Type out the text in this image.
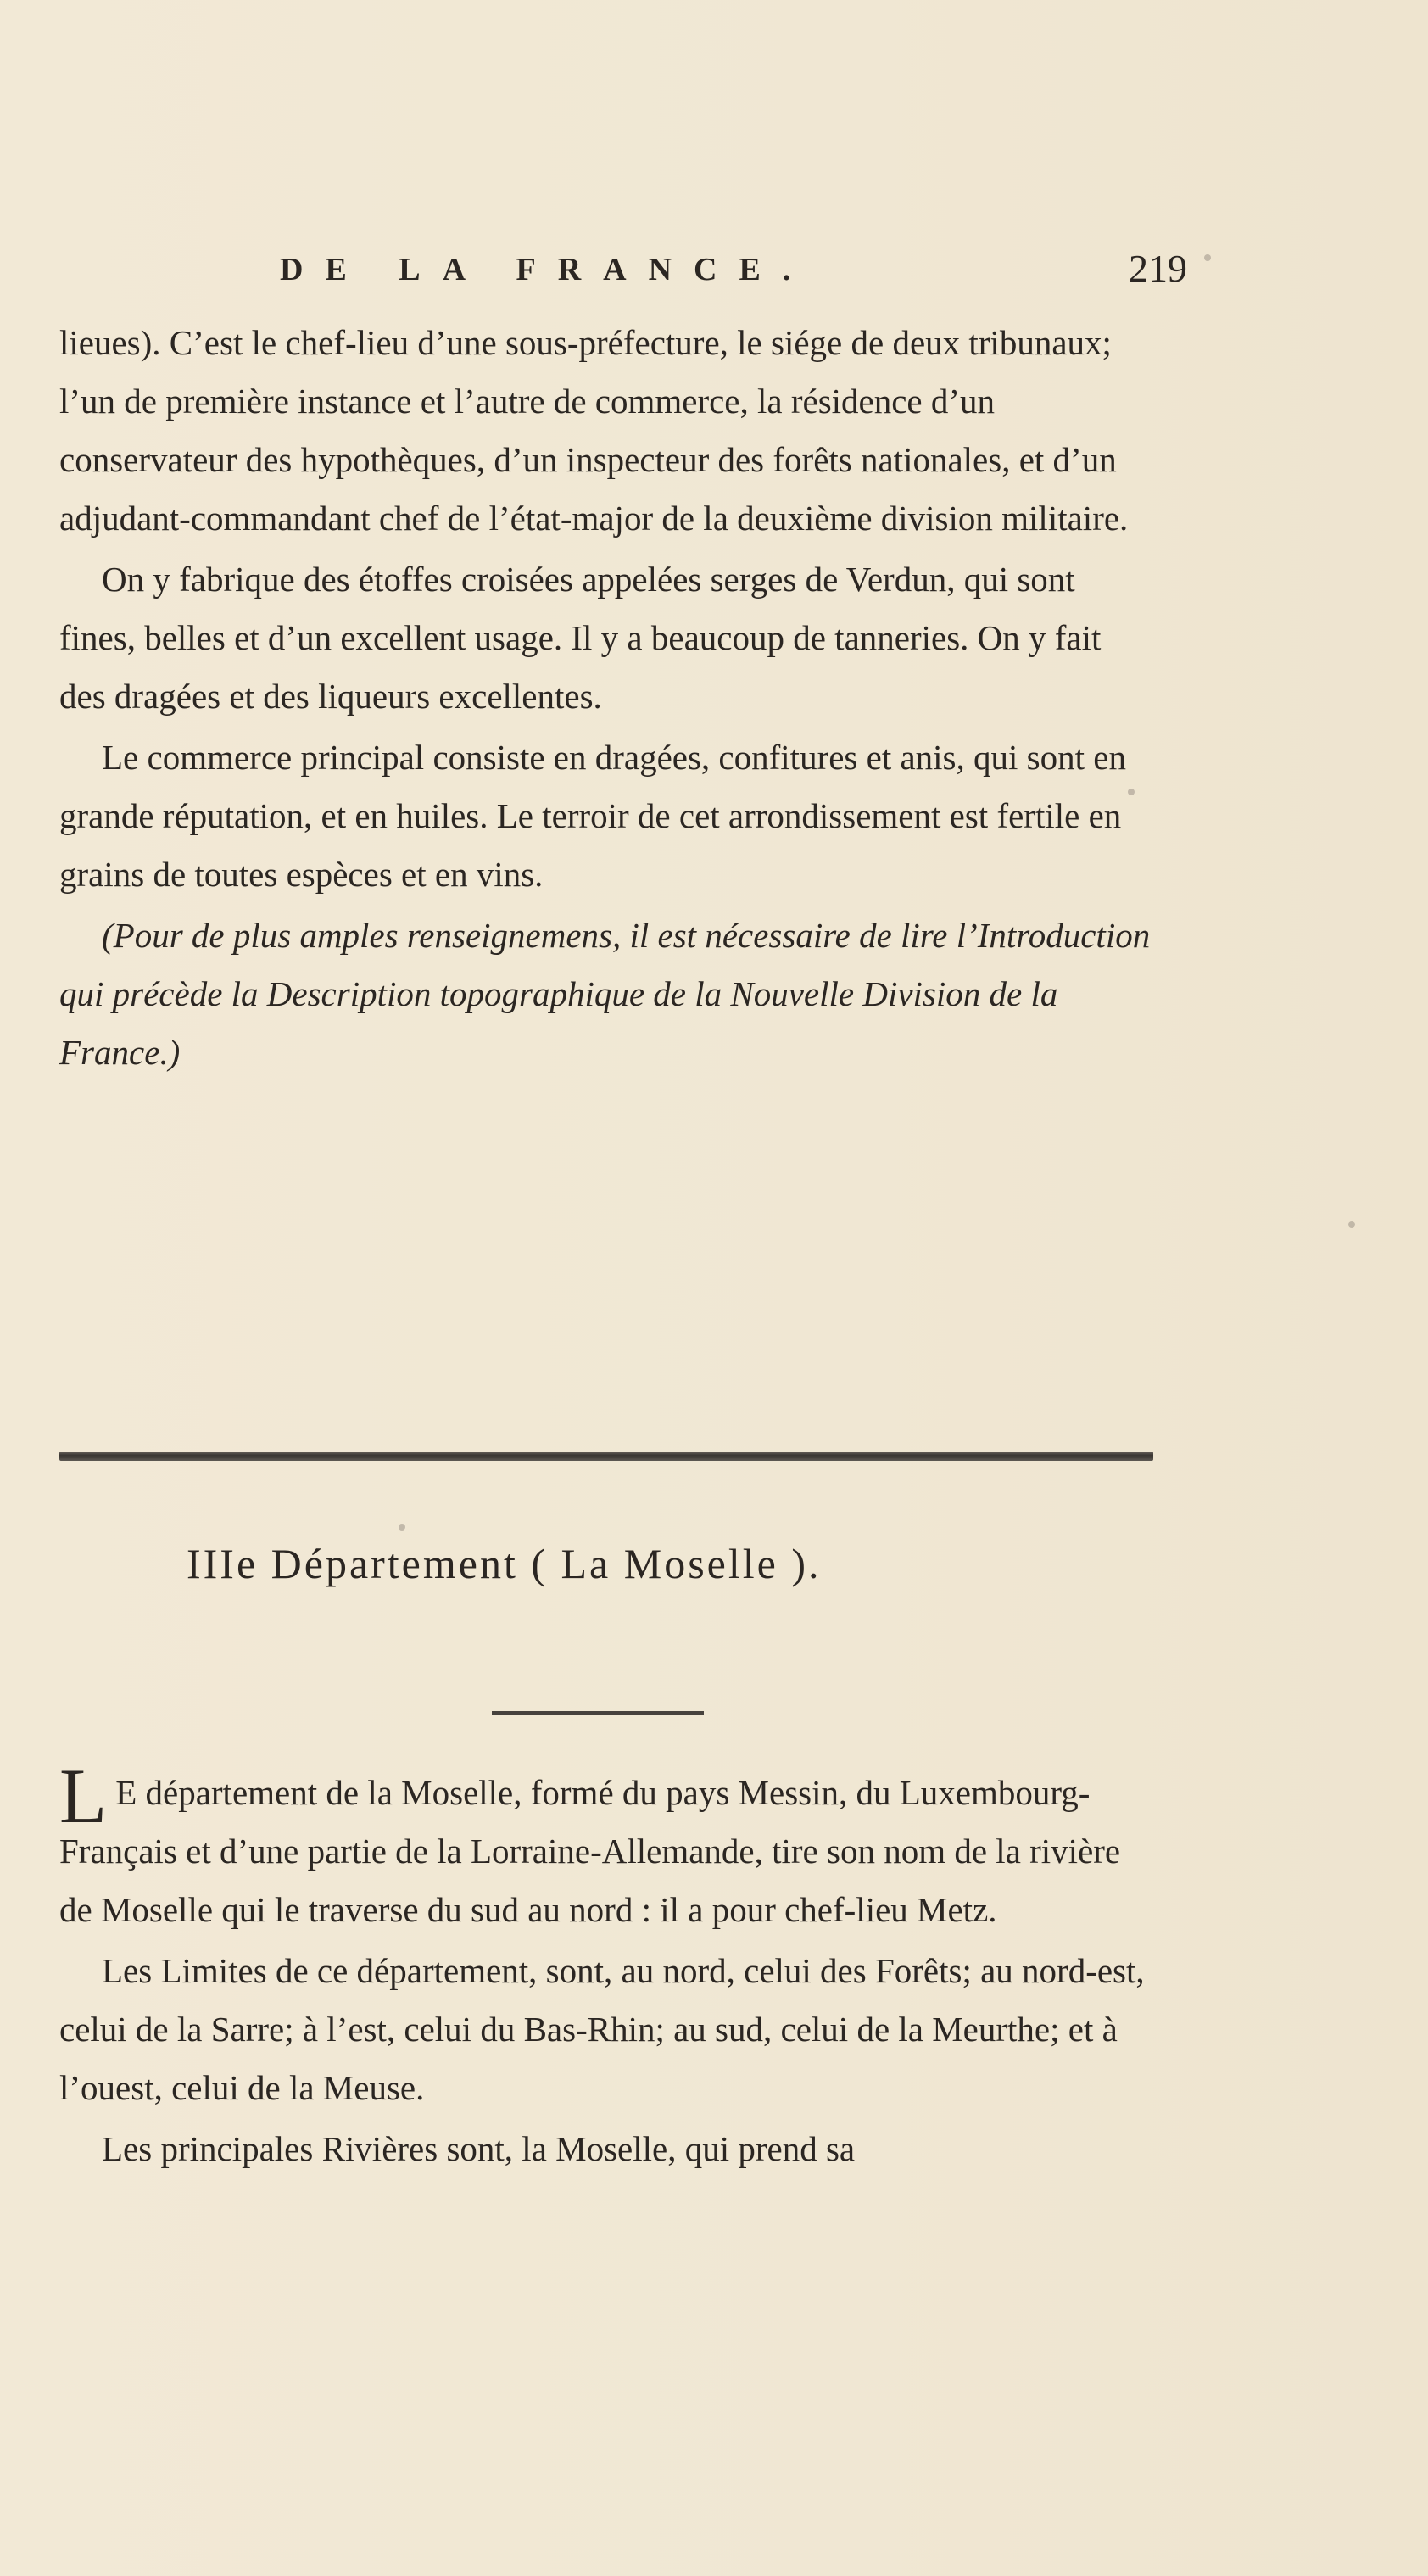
DE LA FRANCE.	219

lieues). C’est le chef-lieu d’une sous-préfecture, le siége de deux tribunaux; l’un de première instance et l’autre de commerce, la résidence d’un conservateur des hypothèques, d’un inspecteur des forêts nationales, et d’un adjudant-commandant chef de l’état-major de la deuxième division militaire.

On y fabrique des étoffes croisées appelées serges de Verdun, qui sont fines, belles et d’un excellent usage. Il y a beaucoup de tanneries. On y fait des dragées et des liqueurs excellentes.

Le commerce principal consiste en dragées, confitures et anis, qui sont en grande réputation, et en huiles. Le terroir de cet arrondissement est fertile en grains de toutes espèces et en vins.

(Pour de plus amples renseignemens, il est nécessaire de lire l’Introduction qui précède la Description topographique de la Nouvelle Division de la France.)

IIIe Département ( La Moselle ).

L E département de la Moselle, formé du pays Messin, du Luxembourg-Français et d’une partie de la Lorraine-Allemande, tire son nom de la rivière de Moselle qui le traverse du sud au nord : il a pour chef-lieu Metz.

Les Limites de ce département, sont, au nord, celui des Forêts; au nord-est, celui de la Sarre; à l’est, celui du Bas-Rhin; au sud, celui de la Meurthe; et à l’ouest, celui de la Meuse.

Les principales Rivières sont, la Moselle, qui prend sa
